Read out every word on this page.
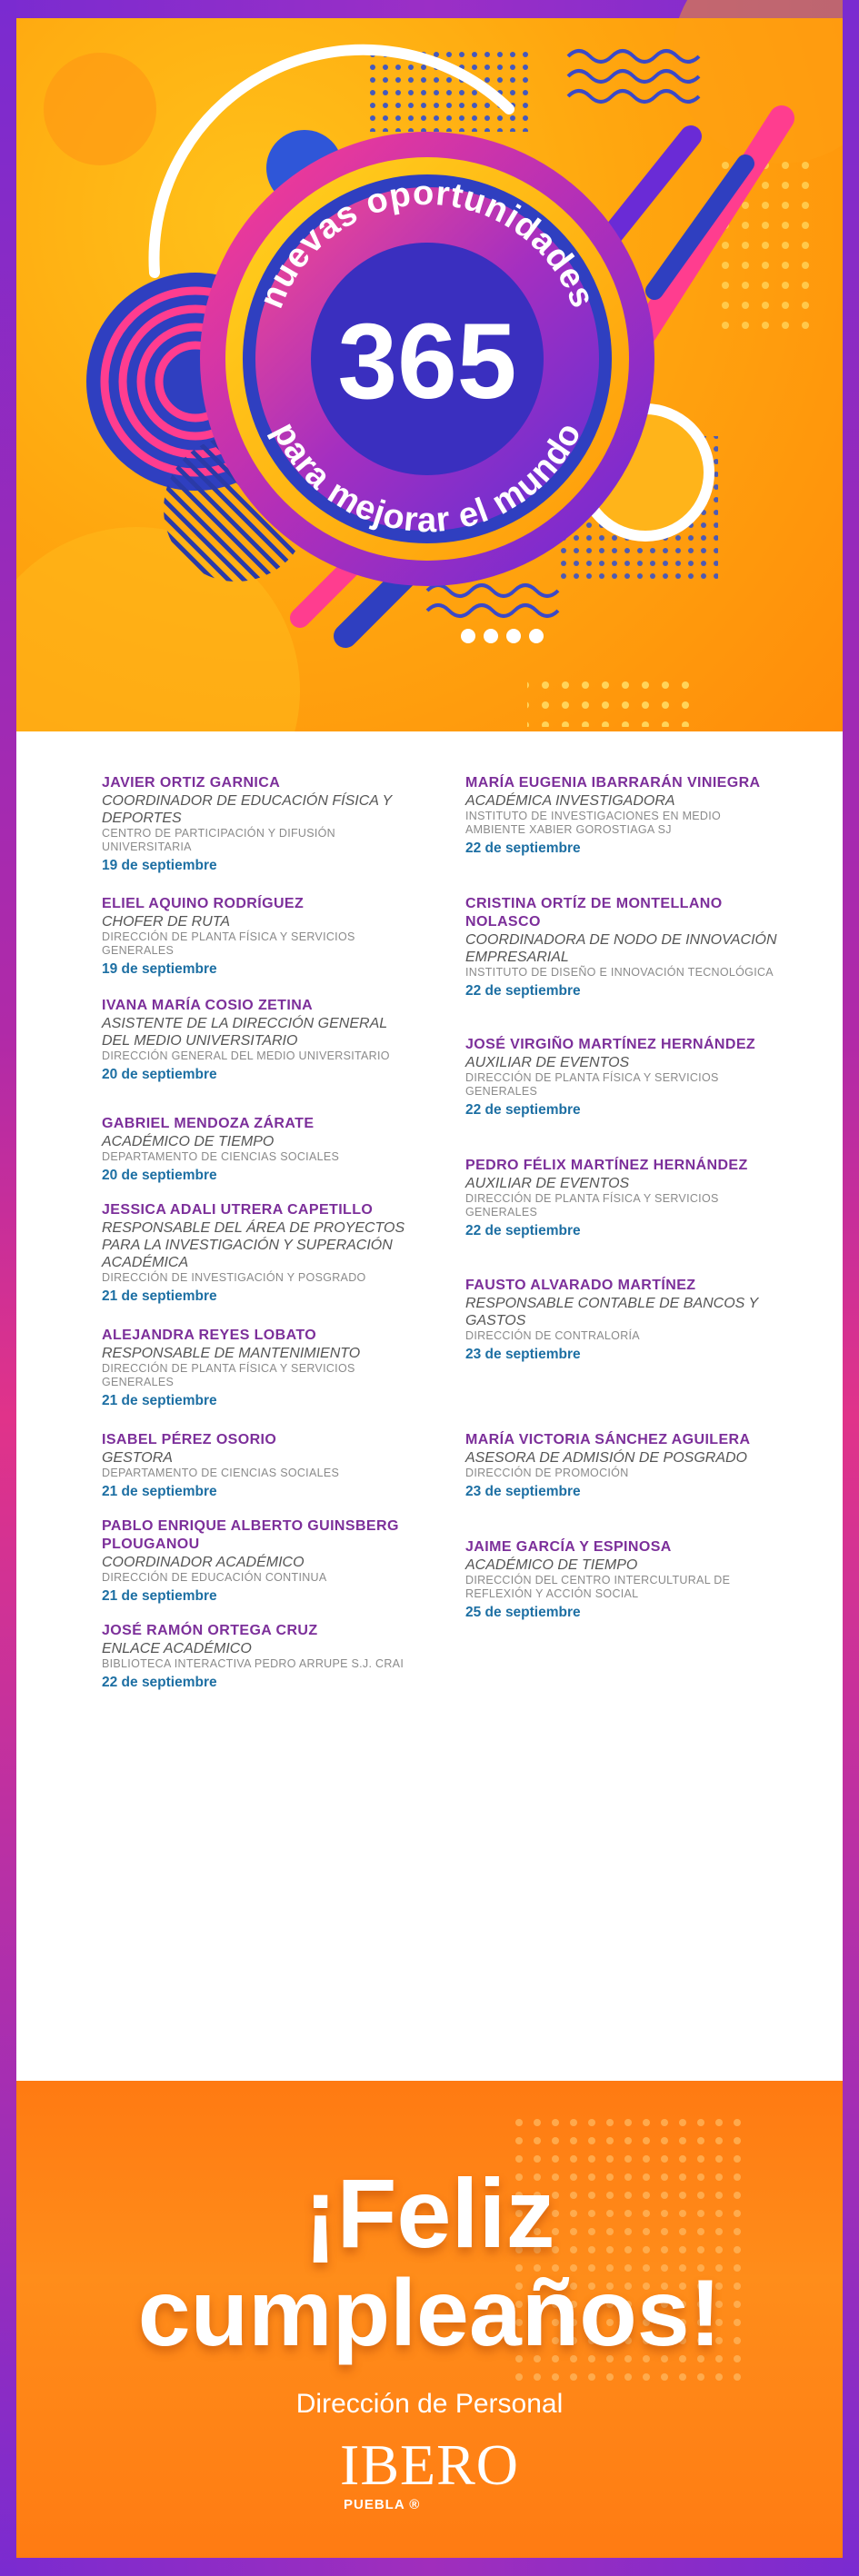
nuevas oportunidades
para mejorar el mundo
365
JAVIER ORTIZ GARNICA
COORDINADOR DE EDUCACIÓN FÍSICA Y DEPORTES
CENTRO DE PARTICIPACIÓN Y DIFUSIÓN UNIVERSITARIA
19 de septiembre
ELIEL AQUINO RODRÍGUEZ
CHOFER DE RUTA
DIRECCIÓN DE PLANTA FÍSICA Y SERVICIOS GENERALES
19 de septiembre
IVANA MARÍA COSIO ZETINA
ASISTENTE DE LA DIRECCIÓN GENERAL DEL MEDIO UNIVERSITARIO
DIRECCIÓN GENERAL DEL MEDIO UNIVERSITARIO
20 de septiembre
GABRIEL MENDOZA ZÁRATE
ACADÉMICO DE TIEMPO
DEPARTAMENTO DE CIENCIAS SOCIALES
20 de septiembre
JESSICA ADALI UTRERA CAPETILLO
RESPONSABLE DEL ÁREA DE PROYECTOS PARA LA INVESTIGACIÓN Y SUPERACIÓN ACADÉMICA
DIRECCIÓN DE INVESTIGACIÓN Y POSGRADO
21 de septiembre
ALEJANDRA REYES LOBATO
RESPONSABLE DE MANTENIMIENTO
DIRECCIÓN DE PLANTA FÍSICA Y SERVICIOS GENERALES
21 de septiembre
ISABEL PÉREZ OSORIO
GESTORA
DEPARTAMENTO DE CIENCIAS SOCIALES
21 de septiembre
PABLO ENRIQUE ALBERTO GUINSBERG PLOUGANOU
COORDINADOR ACADÉMICO
DIRECCIÓN DE EDUCACIÓN CONTINUA
21 de septiembre
JOSÉ RAMÓN ORTEGA CRUZ
ENLACE ACADÉMICO
BIBLIOTECA INTERACTIVA PEDRO ARRUPE S.J. CRAI
22 de septiembre
MARÍA EUGENIA IBARRARÁN VINIEGRA
ACADÉMICA INVESTIGADORA
INSTITUTO DE INVESTIGACIONES EN MEDIO AMBIENTE XABIER GOROSTIAGA SJ
22 de septiembre
CRISTINA ORTÍZ DE MONTELLANO NOLASCO
COORDINADORA DE NODO DE INNOVACIÓN EMPRESARIAL
INSTITUTO DE DISEÑO E INNOVACIÓN TECNOLÓGICA
22 de septiembre
JOSÉ VIRGIÑO MARTÍNEZ HERNÁNDEZ
AUXILIAR DE EVENTOS
DIRECCIÓN DE PLANTA FÍSICA Y SERVICIOS GENERALES
22 de septiembre
PEDRO FÉLIX MARTÍNEZ HERNÁNDEZ
AUXILIAR DE EVENTOS
DIRECCIÓN DE PLANTA FÍSICA Y SERVICIOS GENERALES
22 de septiembre
FAUSTO ALVARADO MARTÍNEZ
RESPONSABLE CONTABLE DE BANCOS Y GASTOS
DIRECCIÓN DE CONTRALORÍA
23 de septiembre
MARÍA VICTORIA SÁNCHEZ AGUILERA
ASESORA DE ADMISIÓN DE POSGRADO
DIRECCIÓN DE PROMOCIÓN
23 de septiembre
JAIME GARCÍA Y ESPINOSA
ACADÉMICO DE TIEMPO
DIRECCIÓN DEL CENTRO INTERCULTURAL DE REFLEXIÓN Y ACCIÓN SOCIAL
25 de septiembre
¡Feliz
cumpleaños!
Dirección de Personal
IBERO
PUEBLA ®
